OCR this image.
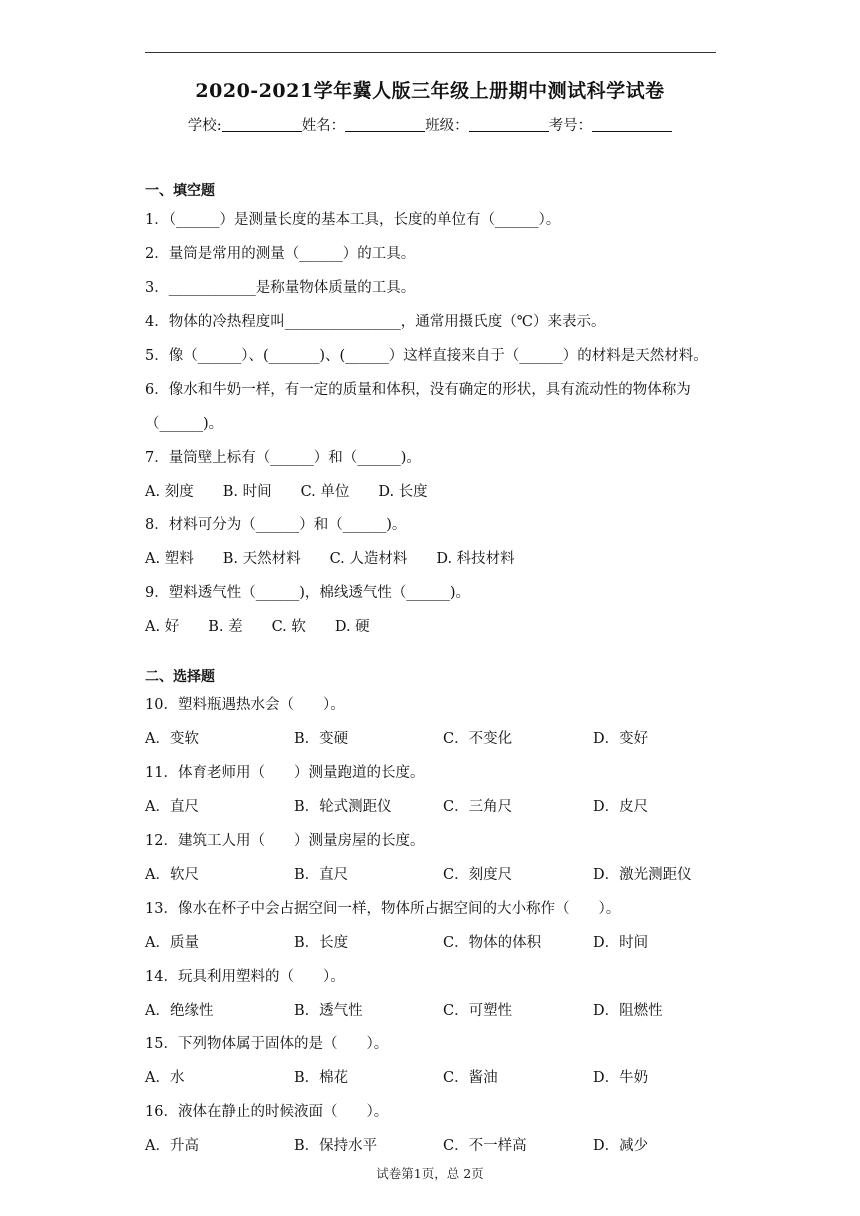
2020-2021学年冀人版三年级上册期中测试科学试卷
学校:	姓名：	班级：	考号：
一、填空题
1．（______）是测量长度的基本工具，长度的单位有（______）。
2．量筒是常用的测量（______）的工具。
3．____________是称量物体质量的工具。
4．物体的冷热程度叫________________，通常用摄氏度（℃）来表示。
5．像（______）、(_______)、(______）这样直接来自于（______）的材料是天然材料。
6．像水和牛奶一样，有一定的质量和体积，没有确定的形状，具有流动性的物体称为
（______)。
7．量筒壁上标有（______）和（______)。
A. 刻度　　B. 时间　　C. 单位　　D. 长度
8．材料可分为（______）和（______)。
A. 塑料　　B. 天然材料　　C. 人造材料　　D. 科技材料
9．塑料透气性（______)，棉线透气性（______)。
A. 好　　B. 差　　C. 软　　D. 硬
二、选择题
10．塑料瓶遇热水会（　　）。
A．变软	B．变硬	C．不变化	D．变好
11．体育老师用（　　）测量跑道的长度。
A．直尺	B．轮式测距仪	C．三角尺	D．皮尺
12．建筑工人用（　　）测量房屋的长度。
A．软尺	B．直尺	C．刻度尺	D．激光测距仪
13．像水在杯子中会占据空间一样，物体所占据空间的大小称作（　　）。
A．质量	B．长度	C．物体的体积	D．时间
14．玩具利用塑料的（　　）。
A．绝缘性	B．透气性	C．可塑性	D．阻燃性
15．下列物体属于固体的是（　　）。
A．水	B．棉花	C．酱油	D．牛奶
16．液体在静止的时候液面（　　）。
A．升高	B．保持水平	C．不一样高	D．减少
试卷第1页，总 2页
